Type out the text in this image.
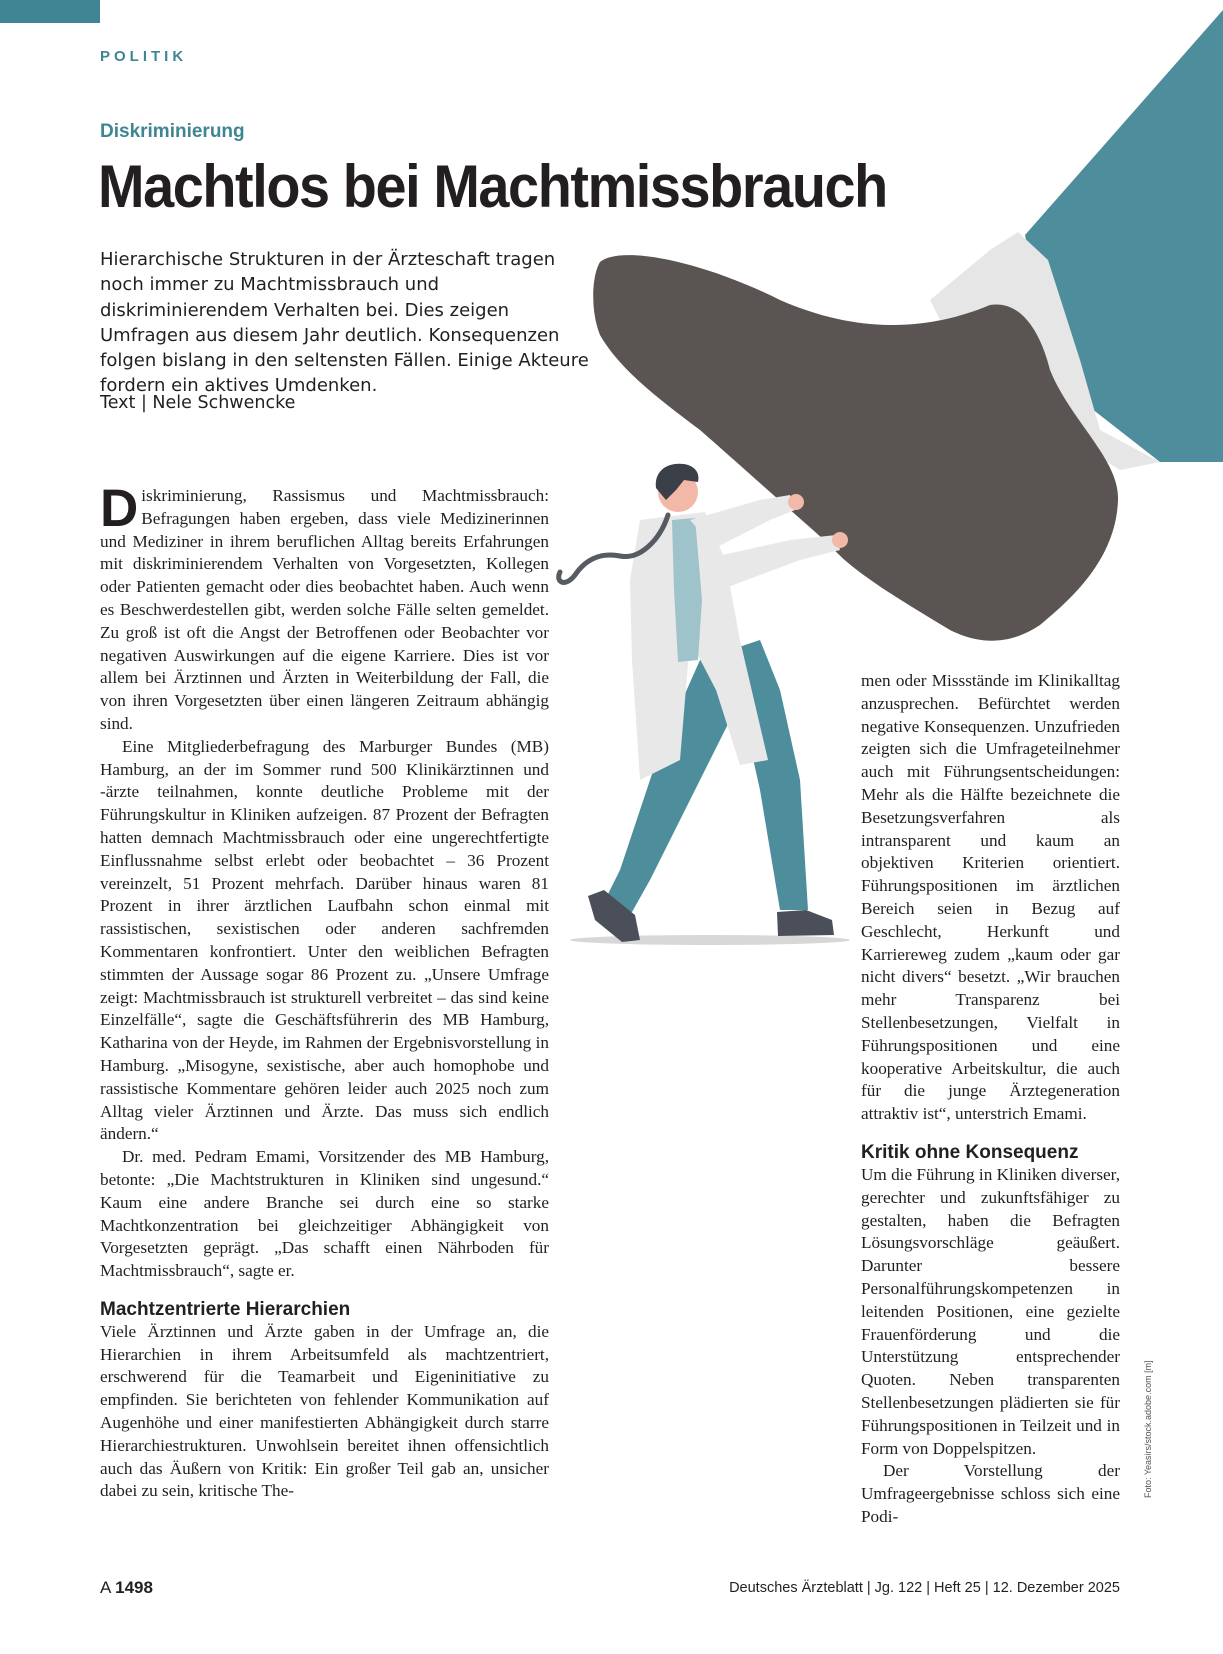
POLITIK
Diskriminierung
Machtlos bei Machtmissbrauch

Hierarchische Strukturen in der Ärzteschaft tragen noch immer zu Machtmissbrauch und diskriminierendem Verhalten bei. Dies zeigen Umfragen aus diesem Jahr deutlich. Konsequenzen folgen bislang in den seltensten Fällen. Einige Akteure fordern ein aktives Umdenken.

Text | Nele Schwencke

Diskriminierung, Rassismus und Machtmissbrauch: Befragungen haben ergeben, dass viele Medizinerinnen und Mediziner in ihrem beruflichen Alltag bereits Erfahrungen mit diskriminierendem Verhalten von Vorgesetzten, Kollegen oder Patienten gemacht oder dies beobachtet haben. Auch wenn es Beschwerdestellen gibt, werden solche Fälle selten gemeldet. Zu groß ist oft die Angst der Betroffenen oder Beobachter vor negativen Auswirkungen auf die eigene Karriere. Dies ist vor allem bei Ärztinnen und Ärzten in Weiterbildung der Fall, die von ihren Vorgesetzten über einen längeren Zeitraum abhängig sind.

Eine Mitgliederbefragung des Marburger Bundes (MB) Hamburg, an der im Sommer rund 500 Klinikärztinnen und -ärzte teilnahmen, konnte deutliche Probleme mit der Führungskultur in Kliniken aufzeigen. 87 Prozent der Befragten hatten demnach Machtmissbrauch oder eine ungerechtfertigte Einflussnahme selbst erlebt oder beobachtet – 36 Prozent vereinzelt, 51 Prozent mehrfach. Darüber hinaus waren 81 Prozent in ihrer ärztlichen Laufbahn schon einmal mit rassistischen, sexistischen oder anderen sachfremden Kommentaren konfrontiert. Unter den weiblichen Befragten stimmten der Aussage sogar 86 Prozent zu. „Unsere Umfrage zeigt: Machtmissbrauch ist strukturell verbreitet – das sind keine Einzelfälle“, sagte die Geschäftsführerin des MB Hamburg, Katharina von der Heyde, im Rahmen der Ergebnisvorstellung in Hamburg. „Misogyne, sexistische, aber auch homophobe und rassistische Kommentare gehören leider auch 2025 noch zum Alltag vieler Ärztinnen und Ärzte. Das muss sich endlich ändern.“

Dr. med. Pedram Emami, Vorsitzender des MB Hamburg, betonte: „Die Machtstrukturen in Kliniken sind ungesund.“ Kaum eine andere Branche sei durch eine so starke Machtkonzentration bei gleichzeitiger Abhängigkeit von Vorgesetzten geprägt. „Das schafft einen Nährboden für Machtmissbrauch“, sagte er.

Machtzentrierte Hierarchien

Viele Ärztinnen und Ärzte gaben in der Umfrage an, die Hierarchien in ihrem Arbeitsumfeld als machtzentriert, erschwerend für die Teamarbeit und Eigeninitiative zu empfinden. Sie berichteten von fehlender Kommunikation auf Augenhöhe und einer manifestierten Abhängigkeit durch starre Hierarchiestrukturen. Unwohlsein bereitet ihnen offensichtlich auch das Äußern von Kritik: Ein großer Teil gab an, unsicher dabei zu sein, kritische The-

men oder Missstände im Klinikalltag anzusprechen. Befürchtet werden negative Konsequenzen. Unzufrieden zeigten sich die Umfrageteilnehmer auch mit Führungsentscheidungen: Mehr als die Hälfte bezeichnete die Besetzungsverfahren als intransparent und kaum an objektiven Kriterien orientiert. Führungspositionen im ärztlichen Bereich seien in Bezug auf Geschlecht, Herkunft und Karriereweg zudem „kaum oder gar nicht divers“ besetzt. „Wir brauchen mehr Transparenz bei Stellenbesetzungen, Vielfalt in Führungspositionen und eine kooperative Arbeitskultur, die auch für die junge Ärztegeneration attraktiv ist“, unterstrich Emami.

Kritik ohne Konsequenz

Um die Führung in Kliniken diverser, gerechter und zukunftsfähiger zu gestalten, haben die Befragten Lösungsvorschläge geäußert. Darunter bessere Personalführungskompetenzen in leitenden Positionen, eine gezielte Frauenförderung und die Unterstützung entsprechender Quoten. Neben transparenten Stellenbesetzungen plädierten sie für Führungspositionen in Teilzeit und in Form von Doppelspitzen.

Der Vorstellung der Umfrageergebnisse schloss sich eine Podi-

Foto: Yeasirs/stock.adobe.com [m]
A 1498	Deutsches Ärzteblatt | Jg. 122 | Heft 25 | 12. Dezember 2025
